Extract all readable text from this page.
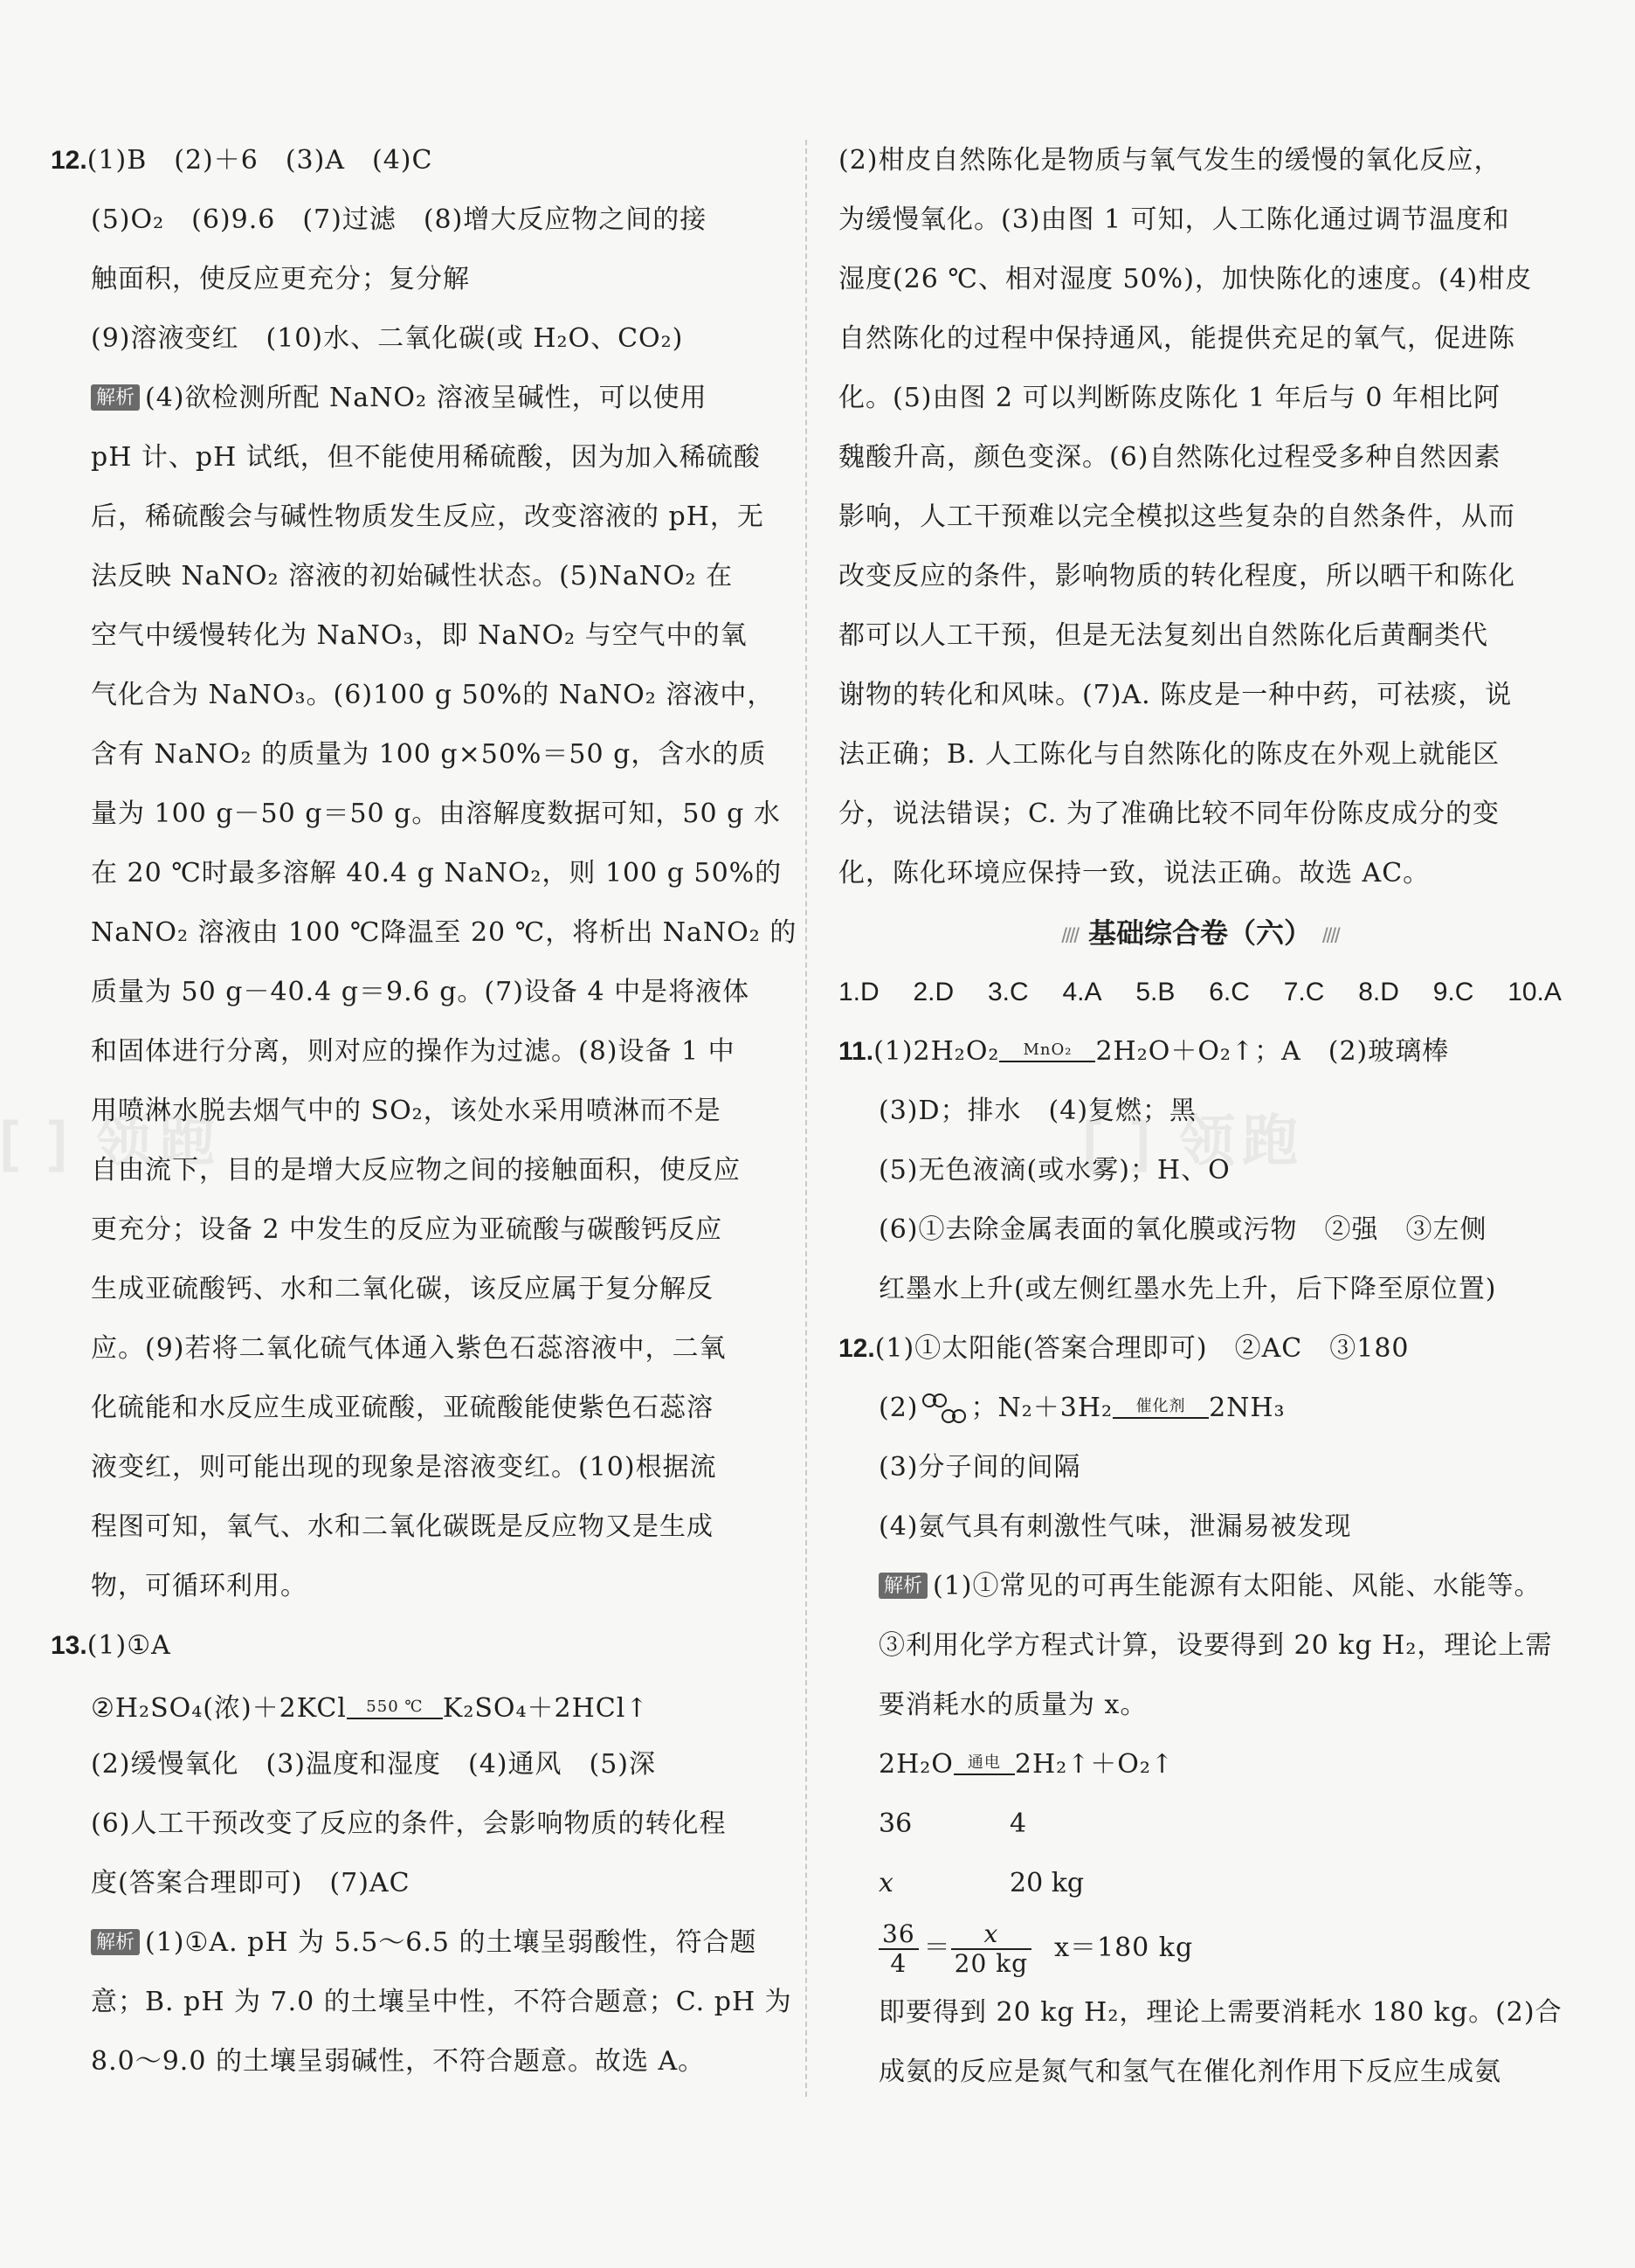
[ ] 领跑	[ ] 领跑
12.(1)B　(2)＋6　(3)A　(4)C
(5)O₂　(6)9.6　(7)过滤　(8)增大反应物之间的接
触面积，使反应更充分；复分解
(9)溶液变红　(10)水、二氧化碳(或 H₂O、CO₂)
解析 (4)欲检测所配 NaNO₂ 溶液呈碱性，可以使用
pH 计、pH 试纸，但不能使用稀硫酸，因为加入稀硫酸
后，稀硫酸会与碱性物质发生反应，改变溶液的 pH，无
法反映 NaNO₂ 溶液的初始碱性状态。(5)NaNO₂ 在
空气中缓慢转化为 NaNO₃，即 NaNO₂ 与空气中的氧
气化合为 NaNO₃。(6)100 g 50%的 NaNO₂ 溶液中，
含有 NaNO₂ 的质量为 100 g×50%＝50 g，含水的质
量为 100 g－50 g＝50 g。由溶解度数据可知，50 g 水
在 20 ℃时最多溶解 40.4 g NaNO₂，则 100 g 50%的
NaNO₂ 溶液由 100 ℃降温至 20 ℃，将析出 NaNO₂ 的
质量为 50 g－40.4 g＝9.6 g。(7)设备 4 中是将液体
和固体进行分离，则对应的操作为过滤。(8)设备 1 中
用喷淋水脱去烟气中的 SO₂，该处水采用喷淋而不是
自由流下，目的是增大反应物之间的接触面积，使反应
更充分；设备 2 中发生的反应为亚硫酸与碳酸钙反应
生成亚硫酸钙、水和二氧化碳，该反应属于复分解反
应。(9)若将二氧化硫气体通入紫色石蕊溶液中，二氧
化硫能和水反应生成亚硫酸，亚硫酸能使紫色石蕊溶
液变红，则可能出现的现象是溶液变红。(10)根据流
程图可知，氧气、水和二氧化碳既是反应物又是生成
物，可循环利用。
13.(1)①A
②H₂SO₄(浓)＋2KCl	550 ℃ K₂SO₄＋2HCl↑
(2)缓慢氧化　(3)温度和湿度　(4)通风　(5)深
(6)人工干预改变了反应的条件，会影响物质的转化程
度(答案合理即可)　(7)AC
解析 (1)①A. pH 为 5.5～6.5 的土壤呈弱酸性，符合题
意；B. pH 为 7.0 的土壤呈中性，不符合题意；C. pH 为
8.0～9.0 的土壤呈弱碱性，不符合题意。故选 A。
(2)柑皮自然陈化是物质与氧气发生的缓慢的氧化反应，
为缓慢氧化。(3)由图 1 可知，人工陈化通过调节温度和
湿度(26 ℃、相对湿度 50%)，加快陈化的速度。(4)柑皮
自然陈化的过程中保持通风，能提供充足的氧气，促进陈
化。(5)由图 2 可以判断陈皮陈化 1 年后与 0 年相比阿
魏酸升高，颜色变深。(6)自然陈化过程受多种自然因素
影响，人工干预难以完全模拟这些复杂的自然条件，从而
改变反应的条件，影响物质的转化程度，所以晒干和陈化
都可以人工干预，但是无法复刻出自然陈化后黄酮类代
谢物的转化和风味。(7)A. 陈皮是一种中药，可祛痰，说
法正确；B. 人工陈化与自然陈化的陈皮在外观上就能区
分，说法错误；C. 为了准确比较不同年份陈皮成分的变
化，陈化环境应保持一致，说法正确。故选 AC。
//// 基础综合卷（六） ////
1.D 2.D 3.C 4.A 5.B 6.C 7.C 8.D 9.C 10.A
11.(1)2H₂O₂	MnO₂ 2H₂O＋O₂↑；A　(2)玻璃棒
(3)D；排水　(4)复燃；黑
(5)无色液滴(或水雾)；H、O
(6)①去除金属表面的氧化膜或污物　②强　③左侧
红墨水上升(或左侧红墨水先上升，后下降至原位置)
12.(1)①太阳能(答案合理即可)　②AC　③180
(2) ；N₂＋3H₂	催化剂 2NH₃
(3)分子间的间隔
(4)氨气具有刺激性气味，泄漏易被发现
解析 (1)①常见的可再生能源有太阳能、风能、水能等。
③利用化学方程式计算，设要得到 20 kg H₂，理论上需
要消耗水的质量为 x。
2H₂O 通电 2H₂↑＋O₂↑
36	4
x	20 kg
$\frac{36}{4} = \frac{x}{20 kg} x=180$ kg
即要得到 20 kg H₂，理论上需要消耗水 180 kg。(2)合
成氨的反应是氮气和氢气在催化剂作用下反应生成氨
